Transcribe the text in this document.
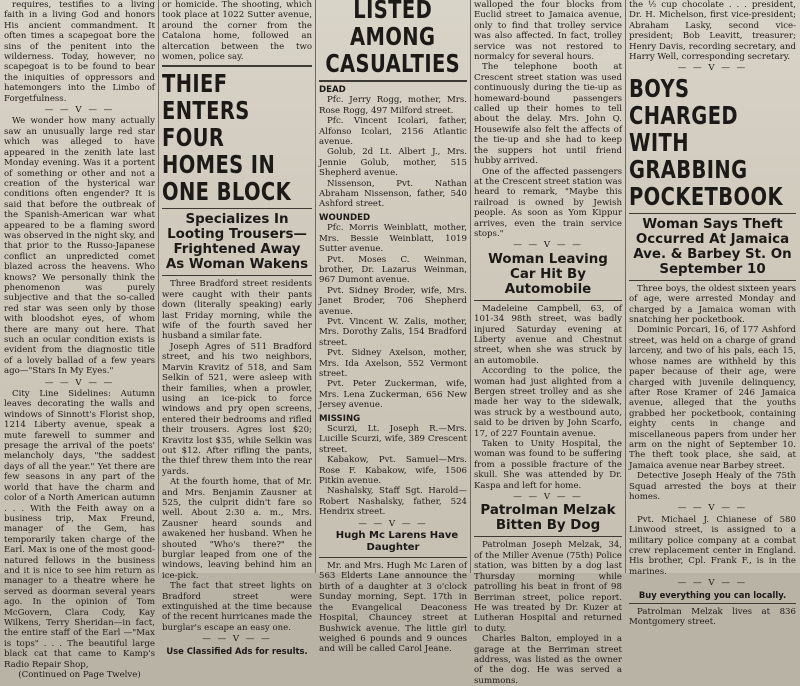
requires, testifies to a living faith in a living God and honors His ancient commandment. It often times a scapegoat bore the sins of the penitent into the wilderness. Today, however, no scapegoat is to be found to bear the iniquities of oppressors and hatemongers into the Limbo of Forgetfulness.

— — V — —

We wonder how many actually saw an unusually large red star which was alleged to have appeared in the zenith late last Monday evening. Was it a portent of something or other and not a creation of the hysterical war conditions often engender? It is said that before the outbreak of the Spanish-American war what appeared to be a flaming sword was observed in the night sky, and that prior to the Russo-Japanese conflict an unpredicted comet blazed across the heavens. Who knows? We personally think the phenomenon was purely subjective and that the so-called red star was seen only by those with bloodshot eyes, of whom there are many out here. That such an ocular condition exists is evident from the diagnostic title of a lovely ballad of a few years ago—"Stars In My Eyes."

— — V — —

City Line Sidelines: Autumn leaves decorating the walls and windows of Sinnott's Florist shop, 1214 Liberty avenue, speak a mute farewell to summer and presage the arrival of the poets' melancholy days, "the saddest days of all the year." Yet there are few seasons in any part of the world that have the charm and color of a North American autumn . . . With the Feith away on a business trip, Max Freund, manager of the Gem, has temporarily taken charge of the Earl. Max is one of the most good-natured fellows in the business and it is nice to see him return as manager to a theatre where he served as doorman several years ago. In the opinion of Tom McGovern, Clara Cody, Kay Wilkens, Terry Sheridan—in fact, the entire staff of the Earl —"Max is tops" . . . The beautiful large black cat that came to Kamp's Radio Repair Shop,

(Continued on Page Twelve)

or homicide. The shooting, which took place at 1022 Sutter avenue, around the corner from the Catalona home, followed an altercation between the two women, police say.

THIEF ENTERS FOUR HOMES IN ONE BLOCK
Specializes In Looting Trousers— Frightened Away As Woman Wakens

Three Bradford street residents were caught with their pants down (literally speaking) early last Friday morning, while the wife of the fourth saved her husband a similar fate.

Joseph Agres of 511 Bradford street, and his two neighbors, Marvin Kravitz of 518, and Sam Selkin of 521, were asleep with their families, when a prowler, using an ice-pick to force windows and pry open screens, entered their bedrooms and rifled their trousers. Agres lost $20; Kravitz lost $35, while Selkin was out $12. After rifling the pants, the thief threw them into the rear yards.

At the fourth home, that of Mr. and Mrs. Benjamin Zausner at 525, the culprit didn't fare so well. About 2:30 a. m., Mrs. Zausner heard sounds and awakened her husband. When he shouted "Who's there?" the burglar leaped from one of the windows, leaving behind him an ice-pick.

The fact that street lights on Bradford street were extinguished at the time because of the recent hurricanes made the burglar's escape an easy one.

— — V — —

Use Classified Ads for results.

LISTED AMONG CASUALTIES

DEAD

Pfc. Jerry Rogg, mother, Mrs. Rose Rogg, 497 Milford street.

Pfc. Vincent Icolari, father, Alfonso Icolari, 2156 Atlantic avenue.

Golub, 2d Lt. Albert J., Mrs. Jennie Golub, mother, 515 Shepherd avenue.

Nissenson, Pvt. Nathan Abraham Nissenson, father, 540 Ashford street.

WOUNDED

Pfc. Morris Weinblatt, mother, Mrs. Bessie Weinblatt, 1019 Sutter avenue.

Pvt. Moses C. Weinman, brother, Dr. Lazarus Weinman, 967 Dumont avenue.

Pvt. Sidney Broder, wife, Mrs. Janet Broder, 706 Shepherd avenue.

Pvt. Vincent W. Zalis, mother, Mrs. Dorothy Zalis, 154 Bradford street.

Pvt. Sidney Axelson, mother, Mrs. Ida Axelson, 552 Vermont street.

Pvt. Peter Zuckerman, wife, Mrs. Lena Zuckerman, 656 New Jersey avenue.

MISSING

Scurzi, Lt. Joseph R.—Mrs. Lucille Scurzi, wife, 389 Crescent street.

Kabakow, Pvt. Samuel—Mrs. Rose F. Kabakow, wife, 1506 Pitkin avenue.

Nashalsky, Staff Sgt. Harold—Robert Nashalsky, father, 524 Hendrix street.

— — V — —

Hugh Mc Larens Have Daughter

Mr. and Mrs. Hugh Mc Laren of 563 Elderts Lane announce the birth of a daughter at 3 o'clock Sunday morning, Sept. 17th in the Evangelical Deaconess Hospital, Chauncey street at Bushwick avenue. The little girl weighed 6 pounds and 9 ounces and will be called Carol Jeane.

walloped the four blocks from Euclid street to Jamaica avenue, only to find that trolley service was also affected. In fact, trolley service was not restored to normalcy for several hours.

The telephone booth at Crescent street station was used continuously during the tie-up as homeward-bound passengers called up their homes to tell about the delay. Mrs. John Q. Housewife also felt the affects of the tie-up and she had to keep the suppers hot until friend hubby arrived.

One of the affected passengers at the Crescent street station was heard to remark, "Maybe this railroad is owned by Jewish people. As soon as Yom Kippur arrives, even the train service stops."

— — V — —

Woman Leaving Car Hit By Automobile

Madeleine Campbell, 63, of 101-34 98th street, was badly injured Saturday evening at Liberty avenue and Chestnut street, when she was struck by an automobile.

According to the police, the woman had just alighted from a Bergen street trolley and as she made her way to the sidewalk, was struck by a westbound auto, said to be driven by John Scarfo, 17, of 227 Fountain avenue.

Taken to Unity Hospital, the woman was found to be suffering from a possible fracture of the skull. She was attended by Dr. Kaspa and left for home.

— — V — —

Patrolman Melzak Bitten By Dog

Patrolman Joseph Melzak, 34, of the Miller Avenue (75th) Police station, was bitten by a dog last Thursday morning while patrolling his beat in front of 98 Berriman street, police report. He was treated by Dr. Kuzer at Lutheran Hospital and returned to duty.

Charles Balton, employed in a garage at the Berriman street address, was listed as the owner of the dog. He was served a summons.

the ½ cup chocolate . . . president, Dr. H. Michelson, first vice-president; Abraham Lasky, second vice-president; Bob Leavitt, treasurer; Henry Davis, recording secretary, and Harry Well, corresponding secretary.

— — V — —

BOYS CHARGED WITH GRABBING POCKETBOOK
Woman Says Theft Occurred At Jamaica Ave. & Barbey St. On September 10

Three boys, the oldest sixteen years of age, were arrested Monday and charged by a Jamaica woman with snatching her pocketbook.

Dominic Porcari, 16, of 177 Ashford street, was held on a charge of grand larceny, and two of his pals, each 15, whose names are withheld by this paper because of their age, were charged with juvenile delinquency, after Rose Kramer of 246 Jamaica avenue, alleged that the youths grabbed her pocketbook, containing eighty cents in change and miscellaneous papers from under her arm on the night of September 10. The theft took place, she said, at Jamaica avenue near Barbey street.

Detective Joseph Healy of the 75th Squad arrested the boys at their homes.

— — V — —

Pvt. Michael J. Chianese of 580 Linwood street, is assigned to a military police company at a combat crew replacement center in England. His brother, Cpl. Frank F., is in the marines.

— — V — —

Buy everything you can locally.

Patrolman Melzak lives at 836 Montgomery street.
